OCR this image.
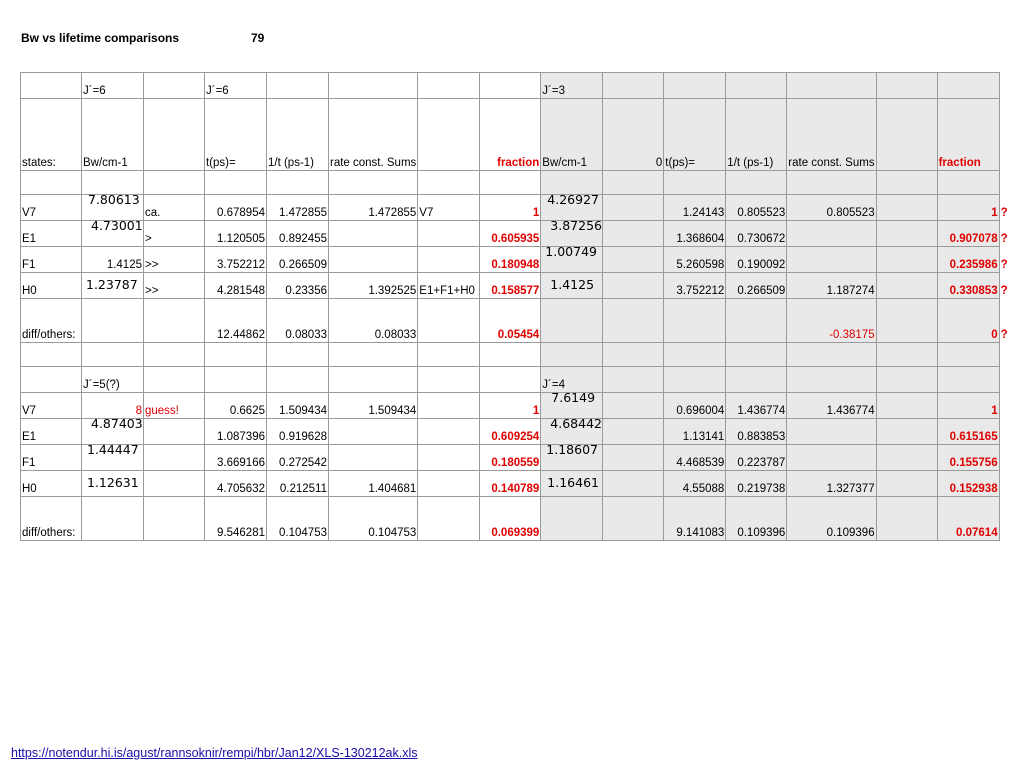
Bw vs lifetime comparisons	79
	J´=6		J´=6					J´=3						
states:	Bw/cm-1		t(ps)=	1/t (ps-1)	rate const. Sums		fraction	Bw/cm-1	0	t(ps)=	1/t (ps-1)	rate const. Sums		fraction

V7	7.80613	ca.	0.678954	1.472855	1.472855	V7	1	4.26927		1.24143	0.805523	0.805523		1 ?

E1	4.73001	>	1.120505	0.892455			0.605935	3.87256		1.368604	0.730672			0.907078 ?

F1	1.4125	>>	3.752212	0.266509			0.180948	1.00749		5.260598	0.190092			0.235986 ?

H0	1.23787	>>	4.281548	0.23356	1.392525	E1+F1+H0	0.158577	1.4125		3.752212	0.266509	1.187274		0.330853 ?

diff/others:			12.44862	0.08033	0.08033		0.05454					-0.38175		0 ?

	J´=5(?)							J´=4						
V7	8	guess!	0.6625	1.509434	1.509434		1	7.6149		0.696004	1.436774	1.436774		1
E1	4.87403		1.087396	0.919628			0.609254	4.68442		1.13141	0.883853			0.615165
F1	1.44447		3.669166	0.272542			0.180559	1.18607		4.468539	0.223787			0.155756
H0	1.12631		4.705632	0.212511	1.404681		0.140789	1.16461		4.55088	0.219738	1.327377		0.152938
diff/others:			9.546281	0.104753	0.104753		0.069399			9.141083	0.109396	0.109396		0.07614
https://notendur.hi.is/agust/rannsoknir/rempi/hbr/Jan12/XLS-130212ak.xls
